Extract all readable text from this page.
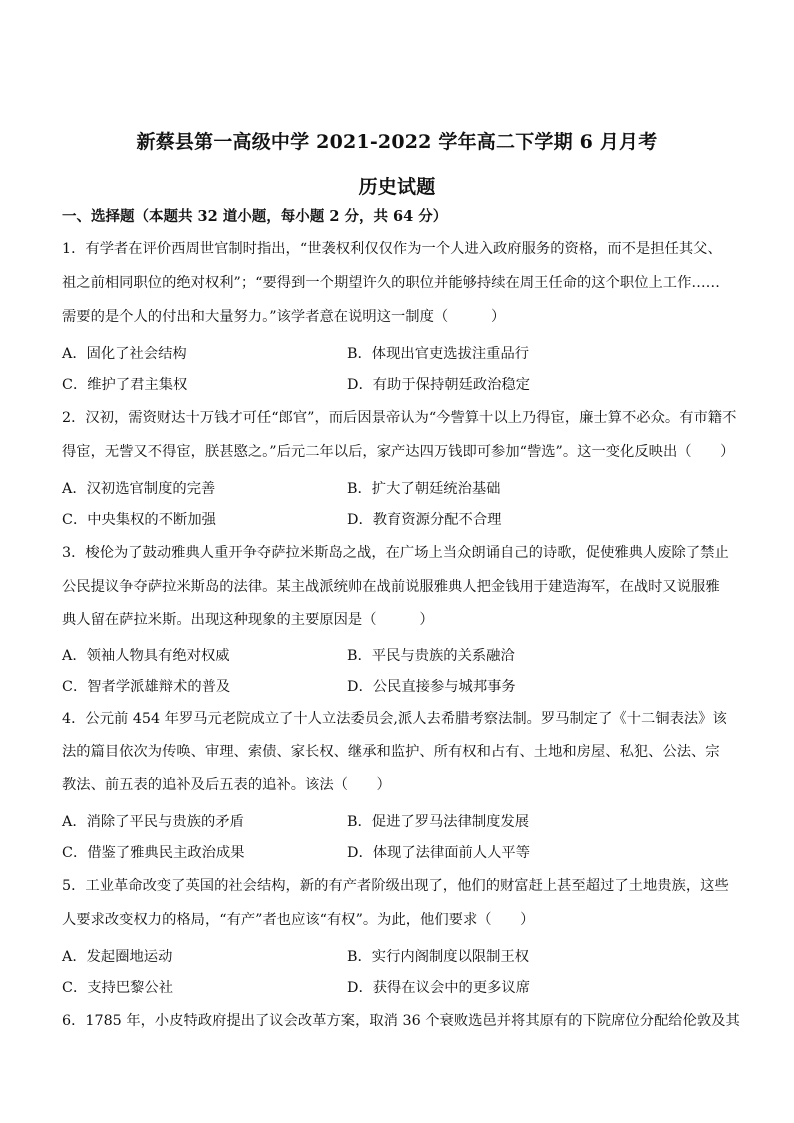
新蔡县第一高级中学 2021-2022 学年高二下学期 6 月月考
历史试题
一、选择题（本题共 32 道小题，每小题 2 分，共 64 分）
1．有学者在评价西周世官制时指出，“世袭权利仅仅作为一个人进入政府服务的资格，而不是担任其父、
祖之前相同职位的绝对权利”；“要得到一个期望许久的职位并能够持续在周王任命的这个职位上工作……
需要的是个人的付出和大量努力。”该学者意在说明这一制度（　　　）
A．固化了社会结构	B．体现出官吏选拔注重品行
C．维护了君主集权	D．有助于保持朝廷政治稳定
2．汉初，需资财达十万钱才可任“郎官”，而后因景帝认为“今訾算十以上乃得宦，廉士算不必众。有市籍不
得宦，无訾又不得宦，朕甚愍之。”后元二年以后，家产达四万钱即可参加“訾选”。这一变化反映出（　　）
A．汉初选官制度的完善	B．扩大了朝廷统治基础
C．中央集权的不断加强	D．教育资源分配不合理
3．梭伦为了鼓动雅典人重开争夺萨拉米斯岛之战，在广场上当众朗诵自己的诗歌，促使雅典人废除了禁止
公民提议争夺萨拉米斯岛的法律。某主战派统帅在战前说服雅典人把金钱用于建造海军，在战时又说服雅
典人留在萨拉米斯。出现这种现象的主要原因是（　　　）
A．领袖人物具有绝对权威	B．平民与贵族的关系融洽
C．智者学派雄辩术的普及	D．公民直接参与城邦事务
4．公元前 454 年罗马元老院成立了十人立法委员会,派人去希腊考察法制。罗马制定了《十二铜表法》该
法的篇目依次为传唤、审理、索债、家长权、继承和监护、所有权和占有、土地和房屋、私犯、公法、宗
教法、前五表的追补及后五表的追补。该法（　　）
A．消除了平民与贵族的矛盾	B．促进了罗马法律制度发展
C．借鉴了雅典民主政治成果	D．体现了法律面前人人平等
5．工业革命改变了英国的社会结构，新的有产者阶级出现了，他们的财富赶上甚至超过了土地贵族，这些
人要求改变权力的格局，“有产”者也应该“有权”。为此，他们要求（　　）
A．发起圈地运动	B．实行内阁制度以限制王权
C．支持巴黎公社	D．获得在议会中的更多议席
6．1785 年，小皮特政府提出了议会改革方案，取消 36 个衰败选邑并将其原有的下院席位分配给伦敦及其
